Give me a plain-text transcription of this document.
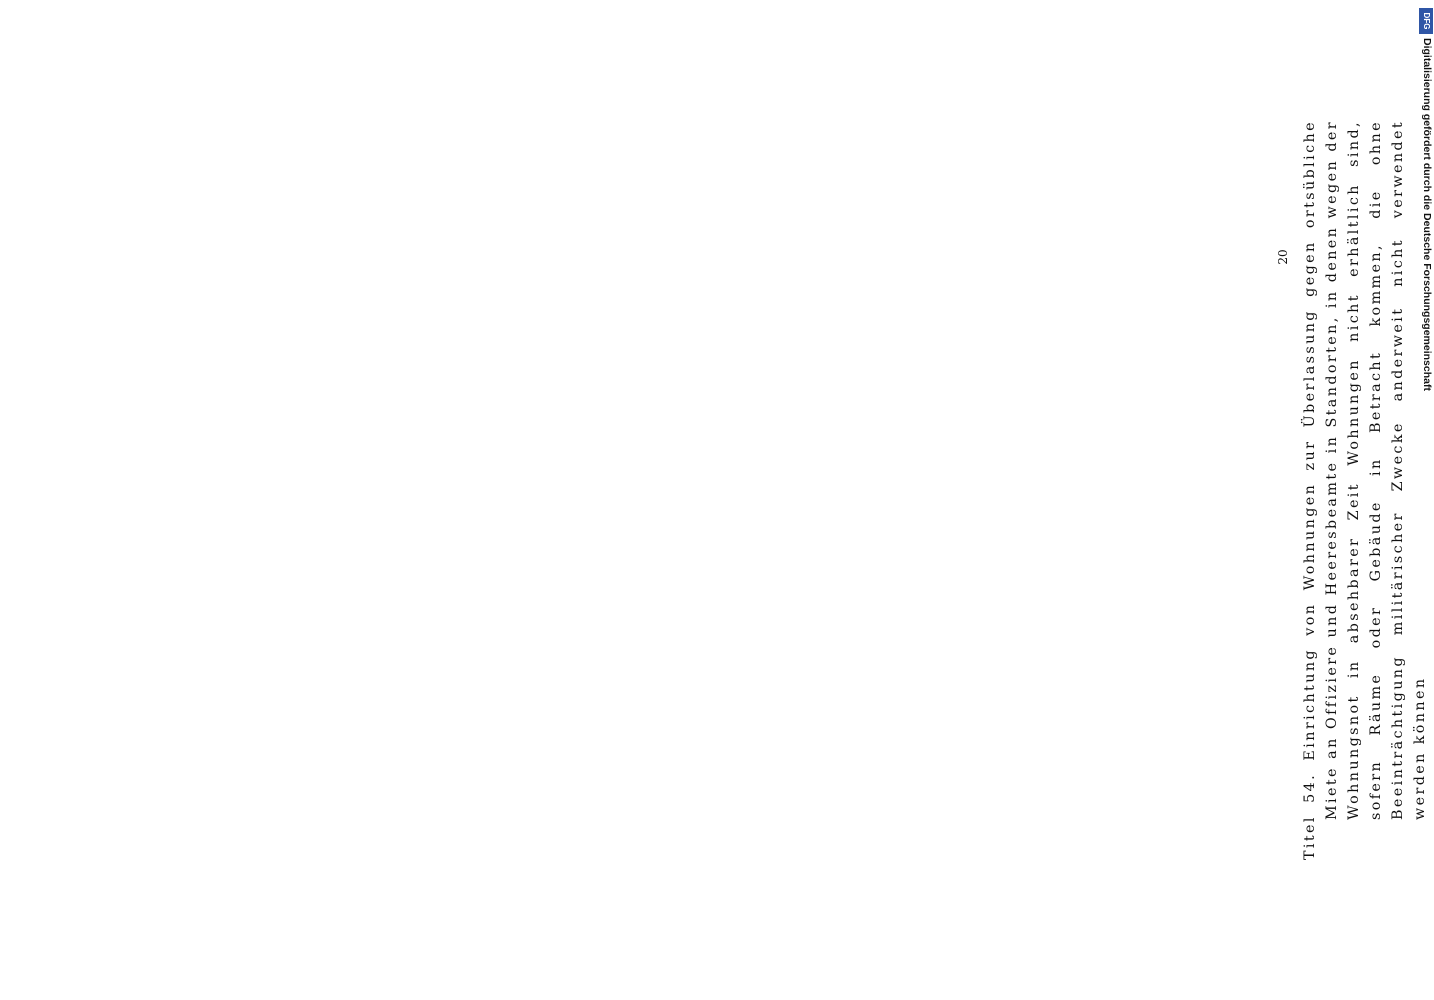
Titel 54. Einrichtung von Wohnungen zur Überlassung gegen ortsübliche Miete an Offiziere und Heeresbeamte in Standorten, in denen wegen der Wohnungsnot in absehbarer Zeit Wohnungen nicht erhältlich sind, sofern Räume oder Gebäude in Betracht kommen, die ohne Beeinträchtigung militärischer Zwecke anderweit nicht verwendet werden können

20
DFG
Digitalisierung gefördert durch die Deutsche Forschungsgemeinschaft
